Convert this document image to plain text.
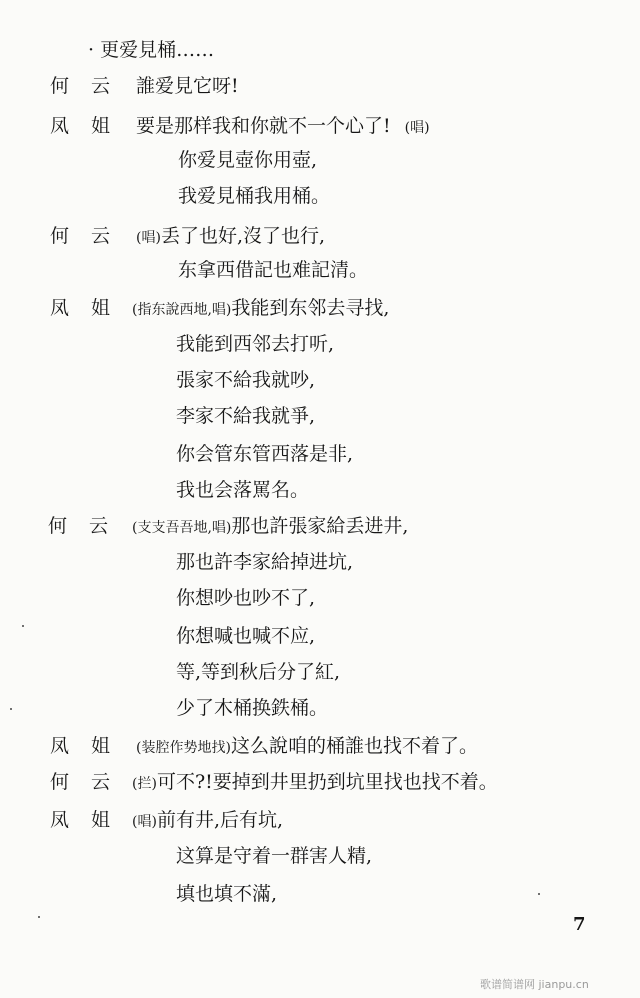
· 更爱見桶……
何云 誰爱見它呀!
凤姐 要是那样我和你就不一个心了! (唱)
你爱見壺你用壺,
我爱見桶我用桶。
何云 (唱)丢了也好,沒了也行,
东拿西借記也难記清。
凤姐 (指东說西地,唱)我能到东邻去寻找,
我能到西邻去打听,
張家不給我就吵,
李家不給我就爭,
你会管东管西落是非,
我也会落罵名。
何云 (支支吾吾地,唱)那也許張家給丢进井,
那也許李家給掉进坑,
你想吵也吵不了,
你想喊也喊不应,
等,等到秋后分了紅,
少了木桶换鉄桶。
凤姐 (装腔作势地找)这么說咱的桶誰也找不着了。
何云 (拦)可不?!要掉到井里扔到坑里找也找不着。
凤姐 (唱)前有井,后有坑,
这算是守着一群害人精,
填也填不滿,
7
歌谱简谱网 jianpu.cn
